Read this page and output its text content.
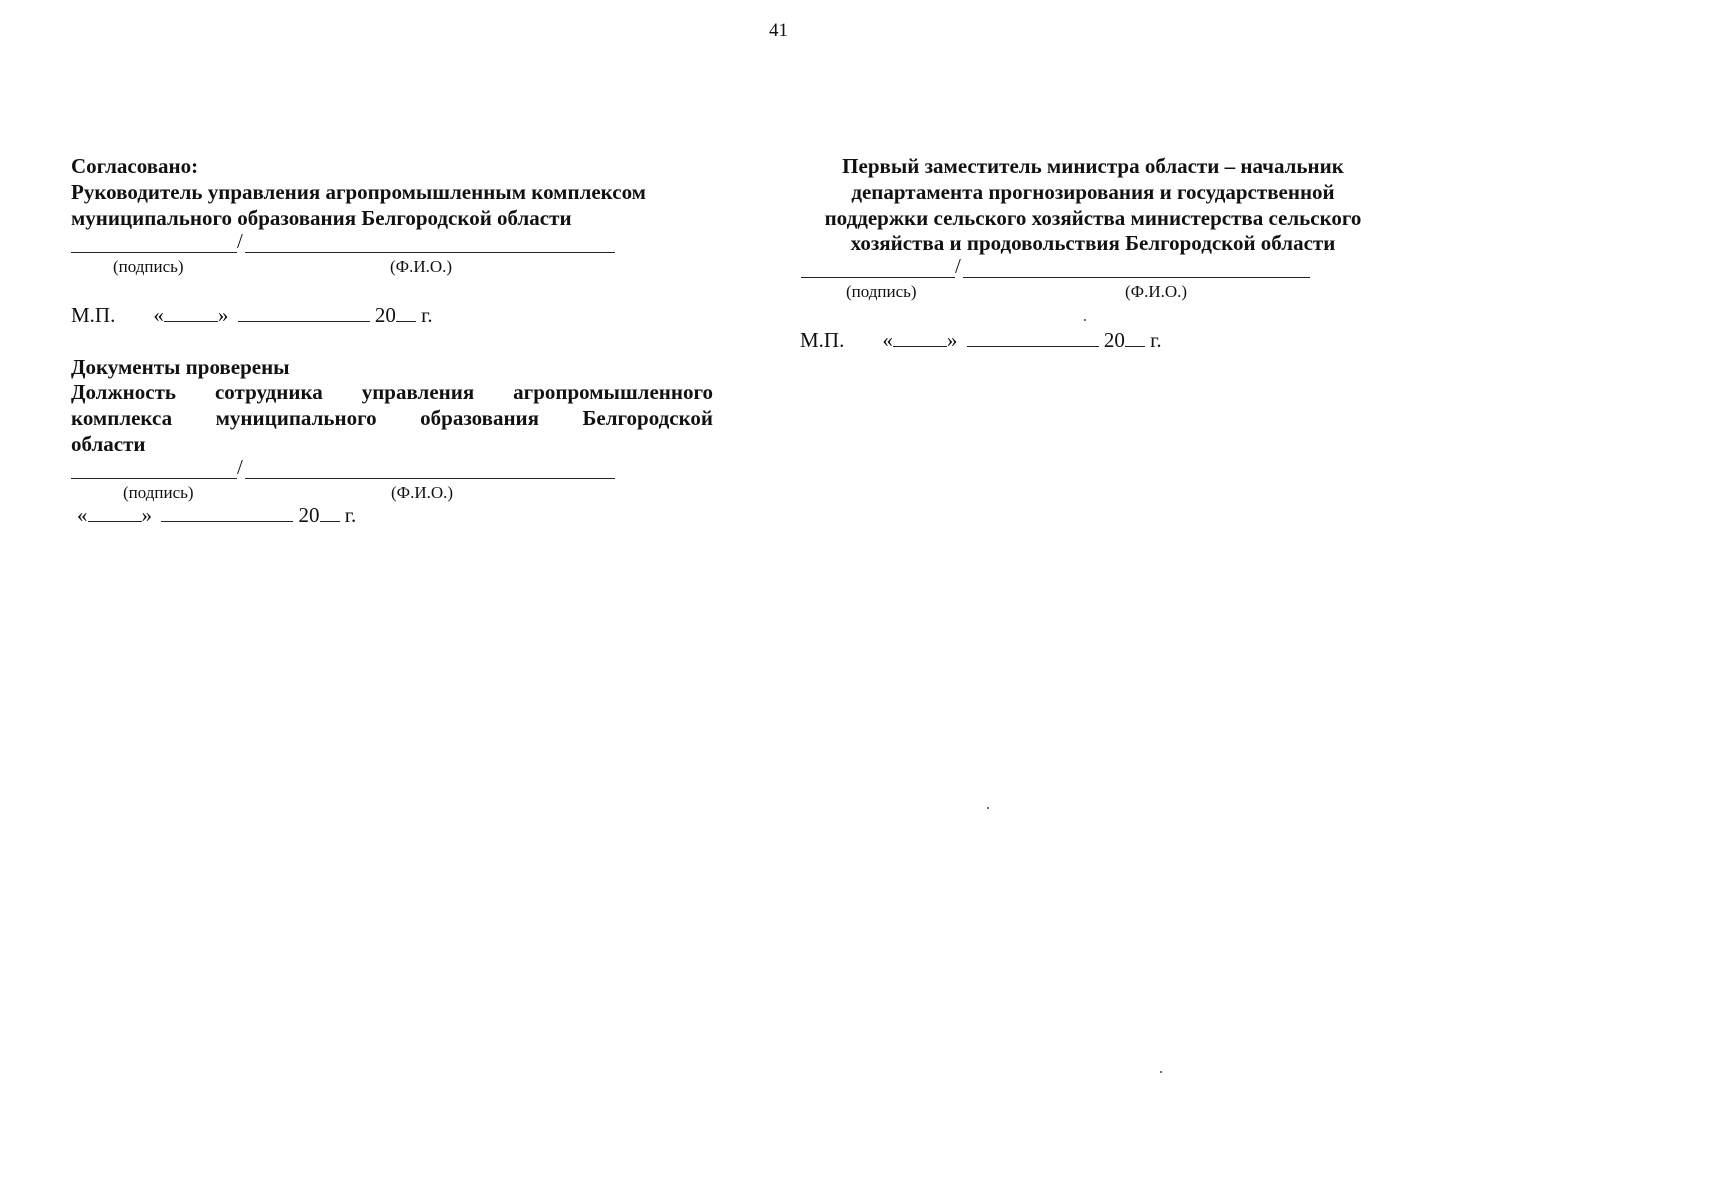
41
Согласовано:
Руководитель управления агропромышленным комплексом
муниципального образования Белгородской области
/
(подпись)	(Ф.И.О.)
М.П. «	»	20 г.
Документы проверены
Должность сотрудника управления агропромышленного
комплекса муниципального образования Белгородской
области
/
(подпись)	(Ф.И.О.)
«	»	20 г.
Первый заместитель министра области – начальник
департамента прогнозирования и государственной
поддержки сельского хозяйства министерства сельского
хозяйства и продовольствия Белгородской области
/
(подпись)	(Ф.И.О.)
М.П. «	»	20 г.
